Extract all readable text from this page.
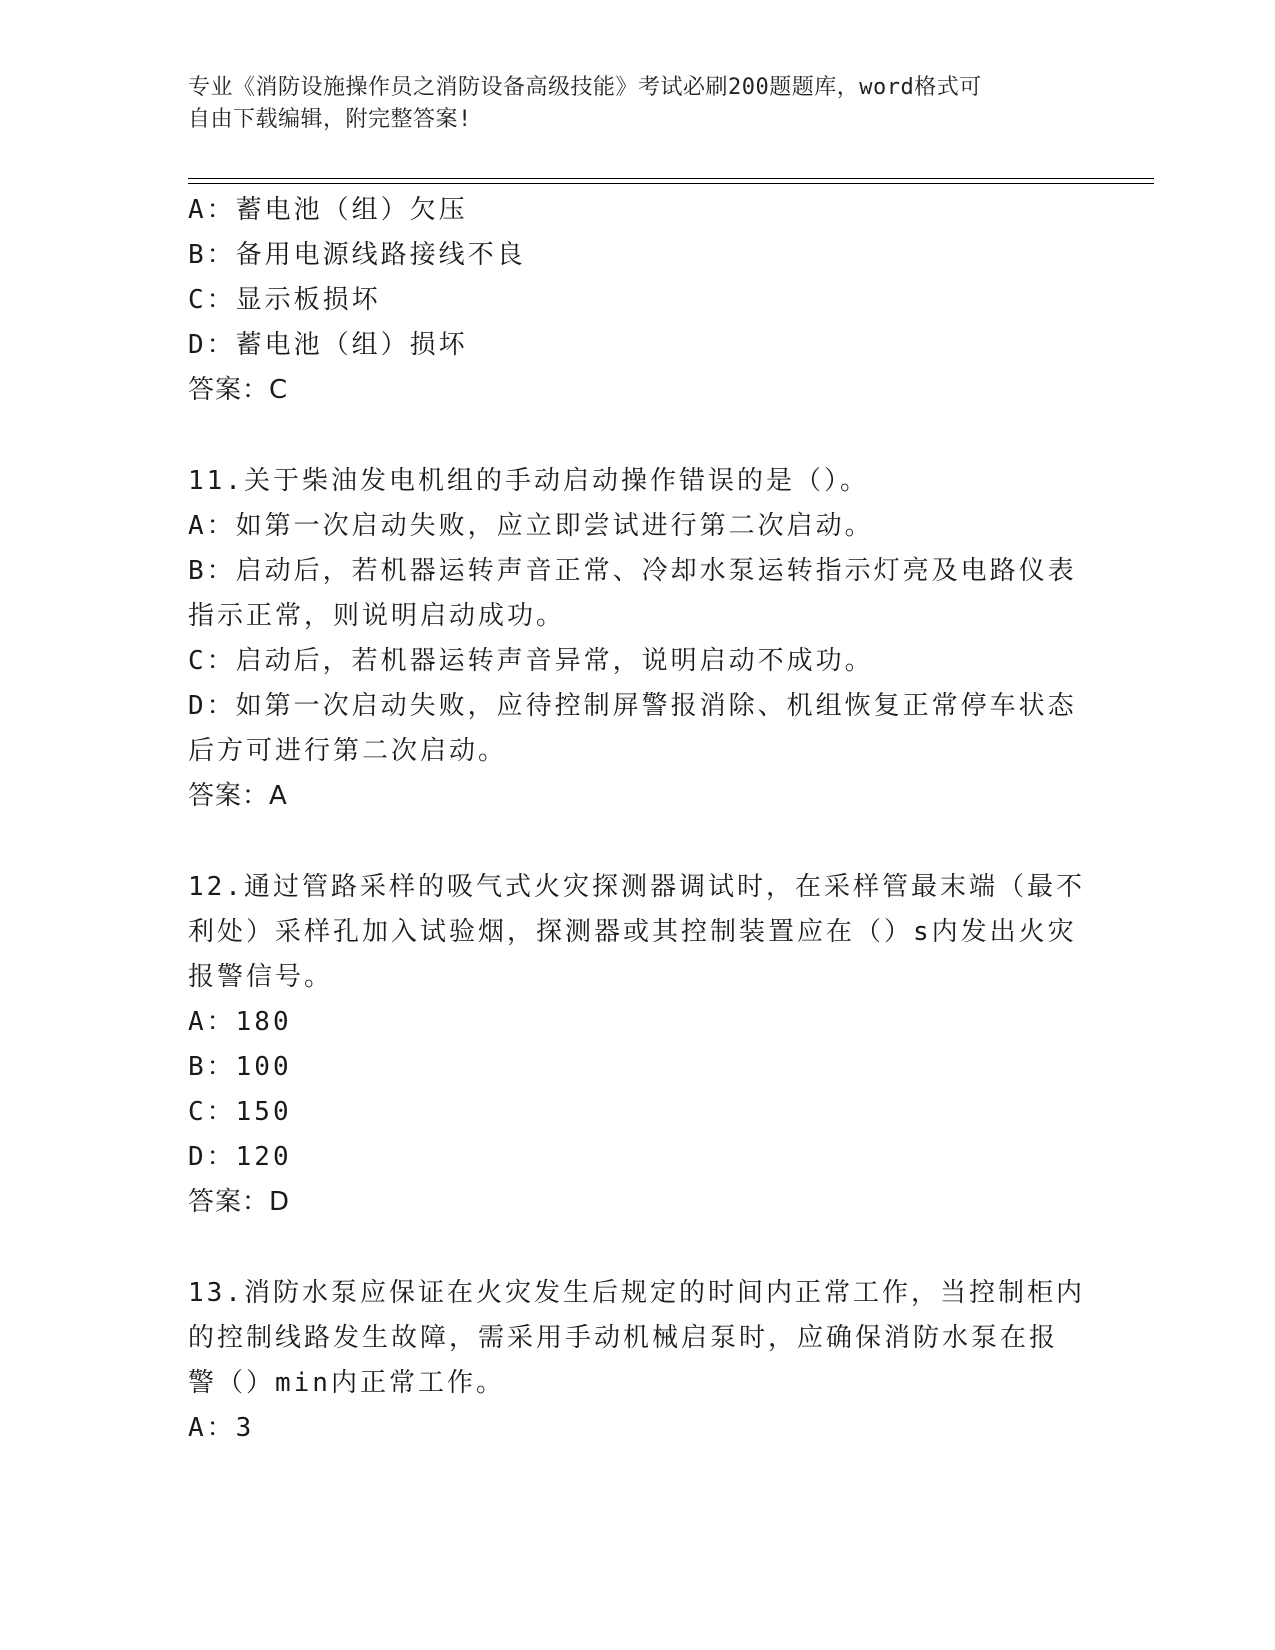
专业《消防设施操作员之消防设备高级技能》考试必刷200题题库，word格式可
自由下载编辑，附完整答案!
A：蓄电池（组）欠压
B：备用电源线路接线不良
C：显示板损坏
D：蓄电池（组）损坏
答案：C
11.关于柴油发电机组的手动启动操作错误的是（）。
A：如第一次启动失败，应立即尝试进行第二次启动。
B：启动后，若机器运转声音正常、冷却水泵运转指示灯亮及电路仪表
指示正常，则说明启动成功。
C：启动后，若机器运转声音异常，说明启动不成功。
D：如第一次启动失败，应待控制屏警报消除、机组恢复正常停车状态
后方可进行第二次启动。
答案：A
12.通过管路采样的吸气式火灾探测器调试时，在采样管最末端（最不
利处）采样孔加入试验烟，探测器或其控制装置应在（）s内发出火灾
报警信号。
A：180
B：100
C：150
D：120
答案：D
13.消防水泵应保证在火灾发生后规定的时间内正常工作，当控制柜内
的控制线路发生故障，需采用手动机械启泵时，应确保消防水泵在报
警（）min内正常工作。
A：3
